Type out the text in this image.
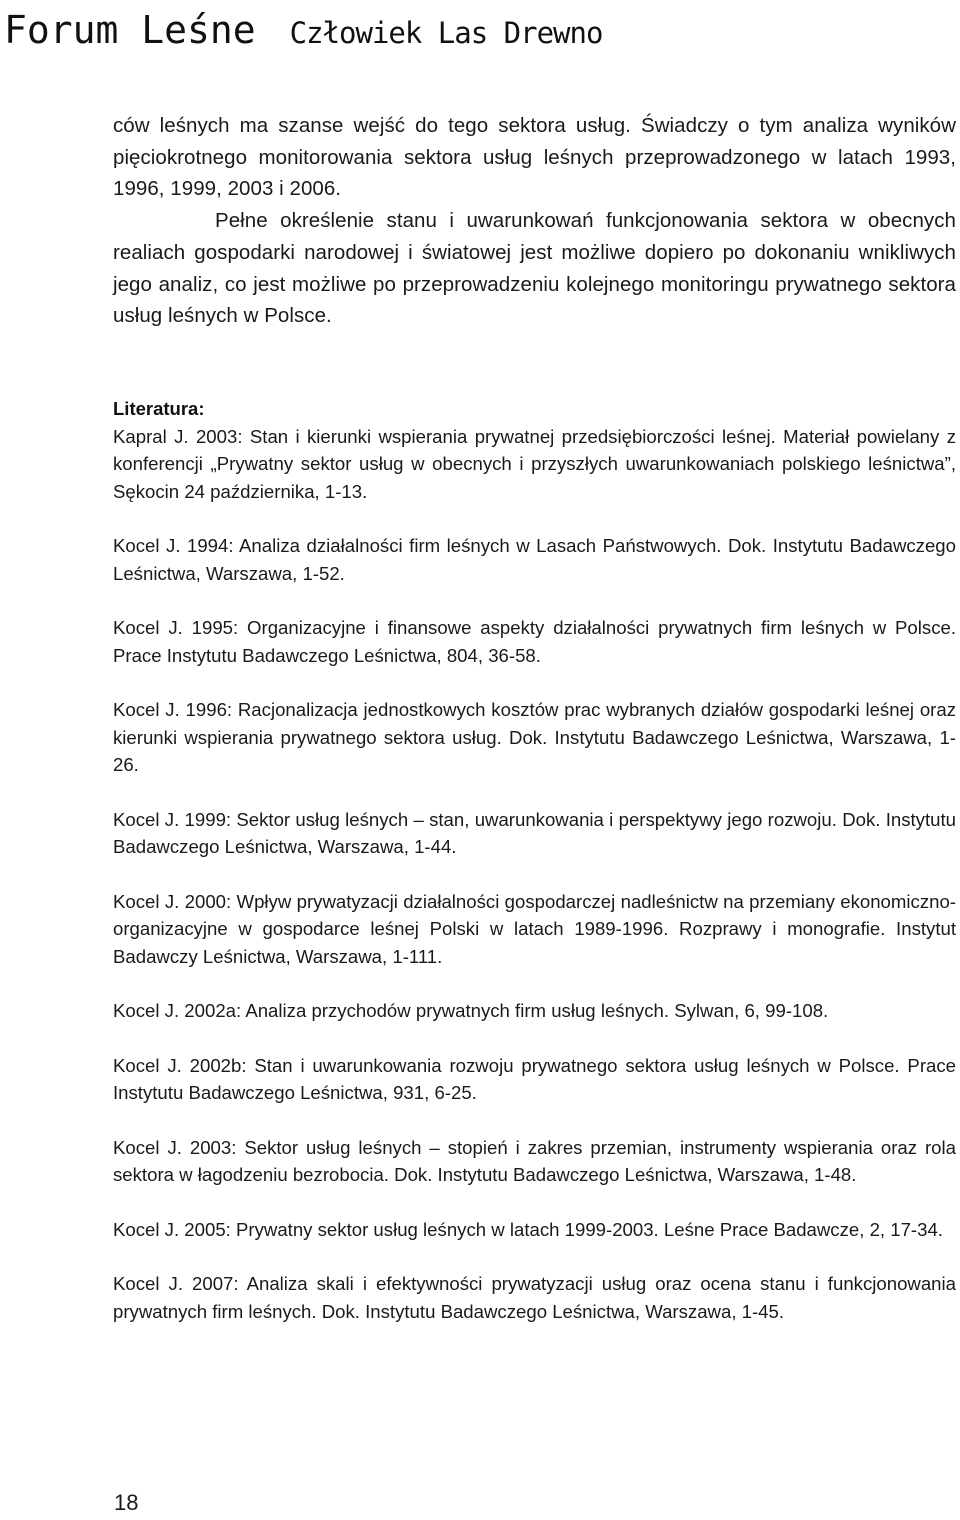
Forum Leśne Człowiek Las Drewno

ców leśnych ma szanse wejść do tego sektora usług. Świadczy o tym analiza wyników pięciokrotnego monitorowania sektora usług leśnych przeprowadzonego w latach 1993, 1996, 1999, 2003 i 2006.

Pełne określenie stanu i uwarunkowań funkcjonowania sektora w obecnych realiach gospodarki narodowej i światowej jest możliwe dopiero po dokonaniu wnikliwych jego analiz, co jest możliwe po przeprowadzeniu kolejnego monitoringu prywatnego sektora usług leśnych w Polsce.

Literatura:
Kapral J. 2003: Stan i kierunki wspierania prywatnej przedsiębiorczości leśnej. Materiał powielany z konferencji „Prywatny sektor usług w obecnych i przyszłych uwarunkowaniach polskiego leśnictwa”, Sękocin 24 października, 1-13.
Kocel J. 1994: Analiza działalności firm leśnych w Lasach Państwowych. Dok. Instytutu Badawczego Leśnictwa, Warszawa, 1-52.
Kocel J. 1995: Organizacyjne i finansowe aspekty działalności prywatnych firm leśnych w Polsce. Prace Instytutu Badawczego Leśnictwa, 804, 36-58.
Kocel J. 1996: Racjonalizacja jednostkowych kosztów prac wybranych działów gospodarki leśnej oraz kierunki wspierania prywatnego sektora usług. Dok. Instytutu Badawczego Leśnictwa, Warszawa, 1-26.
Kocel J. 1999: Sektor usług leśnych – stan, uwarunkowania i perspektywy jego rozwoju. Dok. Instytutu Badawczego Leśnictwa, Warszawa, 1-44.
Kocel J. 2000: Wpływ prywatyzacji działalności gospodarczej nadleśnictw na przemiany ekonomiczno-organizacyjne w gospodarce leśnej Polski w latach 1989-1996. Rozprawy i monografie. Instytut Badawczy Leśnictwa, Warszawa, 1-111.
Kocel J. 2002a: Analiza przychodów prywatnych firm usług leśnych. Sylwan, 6, 99-108.
Kocel J. 2002b: Stan i uwarunkowania rozwoju prywatnego sektora usług leśnych w Polsce. Prace Instytutu Badawczego Leśnictwa, 931, 6-25.
Kocel J. 2003: Sektor usług leśnych – stopień i zakres przemian, instrumenty wspierania oraz rola sektora w łagodzeniu bezrobocia. Dok. Instytutu Badawczego Leśnictwa, Warszawa, 1-48.
Kocel J. 2005: Prywatny sektor usług leśnych w latach 1999-2003. Leśne Prace Badawcze, 2, 17-34.
Kocel J. 2007: Analiza skali i efektywności prywatyzacji usług oraz ocena stanu i funkcjonowania prywatnych firm leśnych. Dok. Instytutu Badawczego Leśnictwa, Warszawa, 1-45.
18
